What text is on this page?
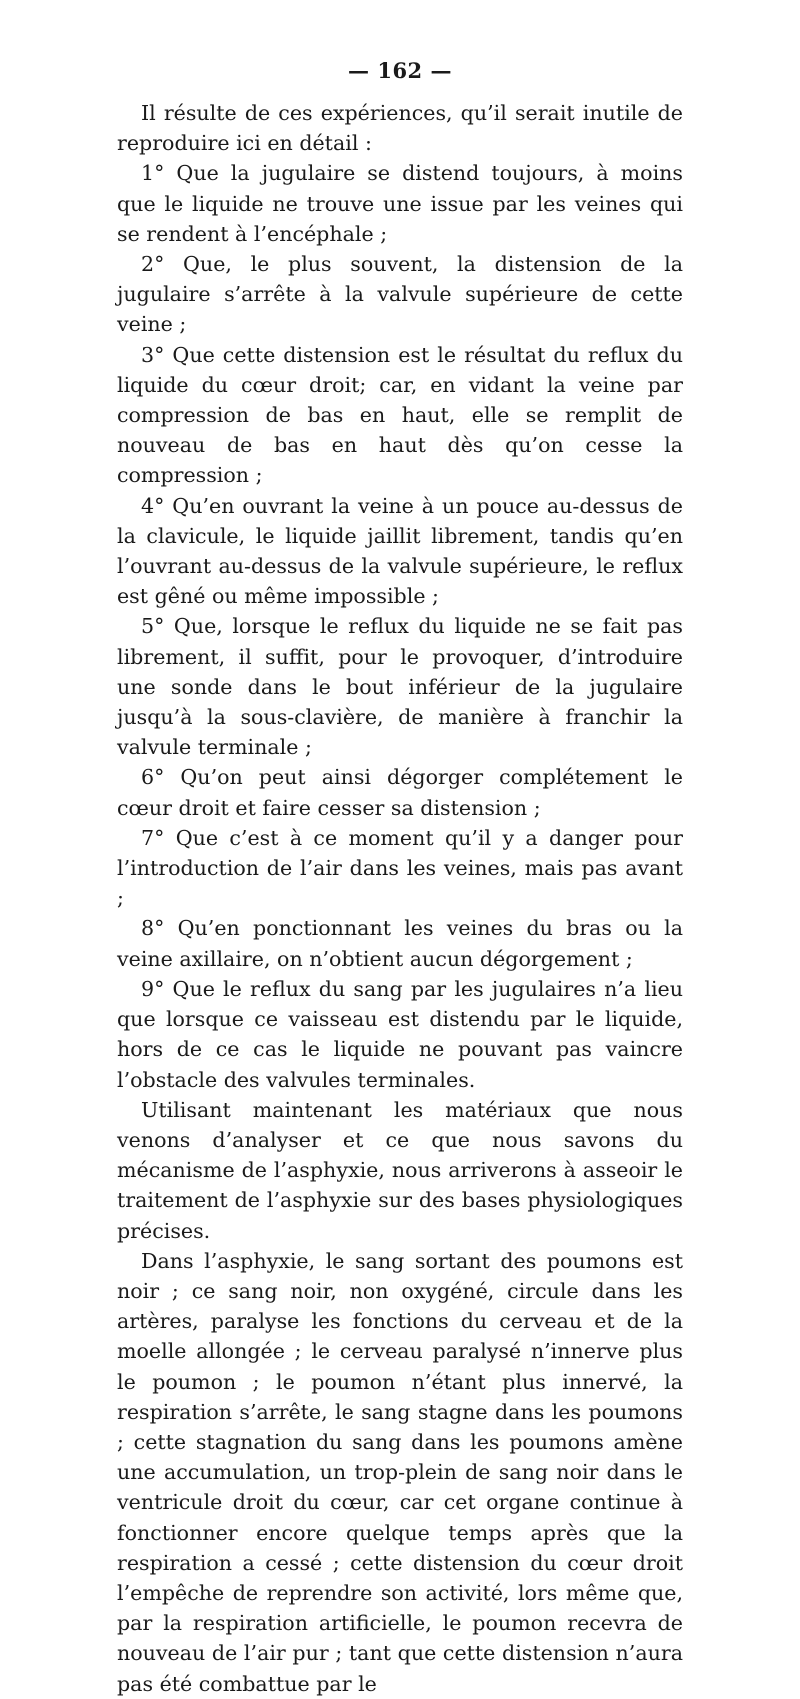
— 162 —

Il résulte de ces expériences, qu’il serait inutile de reproduire ici en détail :

1° Que la jugulaire se distend toujours, à moins que le liquide ne trouve une issue par les veines qui se rendent à l’encéphale ;

2° Que, le plus souvent, la distension de la jugulaire s’arrête à la valvule supérieure de cette veine ;

3° Que cette distension est le résultat du reflux du liquide du cœur droit; car, en vidant la veine par compression de bas en haut, elle se remplit de nouveau de bas en haut dès qu’on cesse la compression ;

4° Qu’en ouvrant la veine à un pouce au-dessus de la clavicule, le liquide jaillit librement, tandis qu’en l’ouvrant au-dessus de la valvule supérieure, le reflux est gêné ou même impossible ;

5° Que, lorsque le reflux du liquide ne se fait pas librement, il suffit, pour le provoquer, d’introduire une sonde dans le bout inférieur de la jugulaire jusqu’à la sous-clavière, de manière à franchir la valvule terminale ;

6° Qu’on peut ainsi dégorger complétement le cœur droit et faire cesser sa distension ;

7° Que c’est à ce moment qu’il y a danger pour l’introduction de l’air dans les veines, mais pas avant ;

8° Qu’en ponctionnant les veines du bras ou la veine axillaire, on n’obtient aucun dégorgement ;

9° Que le reflux du sang par les jugulaires n’a lieu que lorsque ce vaisseau est distendu par le liquide, hors de ce cas le liquide ne pouvant pas vaincre l’obstacle des valvules terminales.

Utilisant maintenant les matériaux que nous venons d’analyser et ce que nous savons du mécanisme de l’asphyxie, nous arriverons à asseoir le traitement de l’asphyxie sur des bases physiologiques précises.

Dans l’asphyxie, le sang sortant des poumons est noir ; ce sang noir, non oxygéné, circule dans les artères, paralyse les fonctions du cerveau et de la moelle allongée ; le cerveau paralysé n’innerve plus le poumon ; le poumon n’étant plus innervé, la respiration s’arrête, le sang stagne dans les poumons ; cette stagnation du sang dans les poumons amène une accumulation, un trop-plein de sang noir dans le ventricule droit du cœur, car cet organe continue à fonctionner encore quelque temps après que la respiration a cessé ; cette distension du cœur droit l’empêche de reprendre son activité, lors même que, par la respiration artificielle, le poumon recevra de nouveau de l’air pur ; tant que cette distension n’aura pas été combattue par le
